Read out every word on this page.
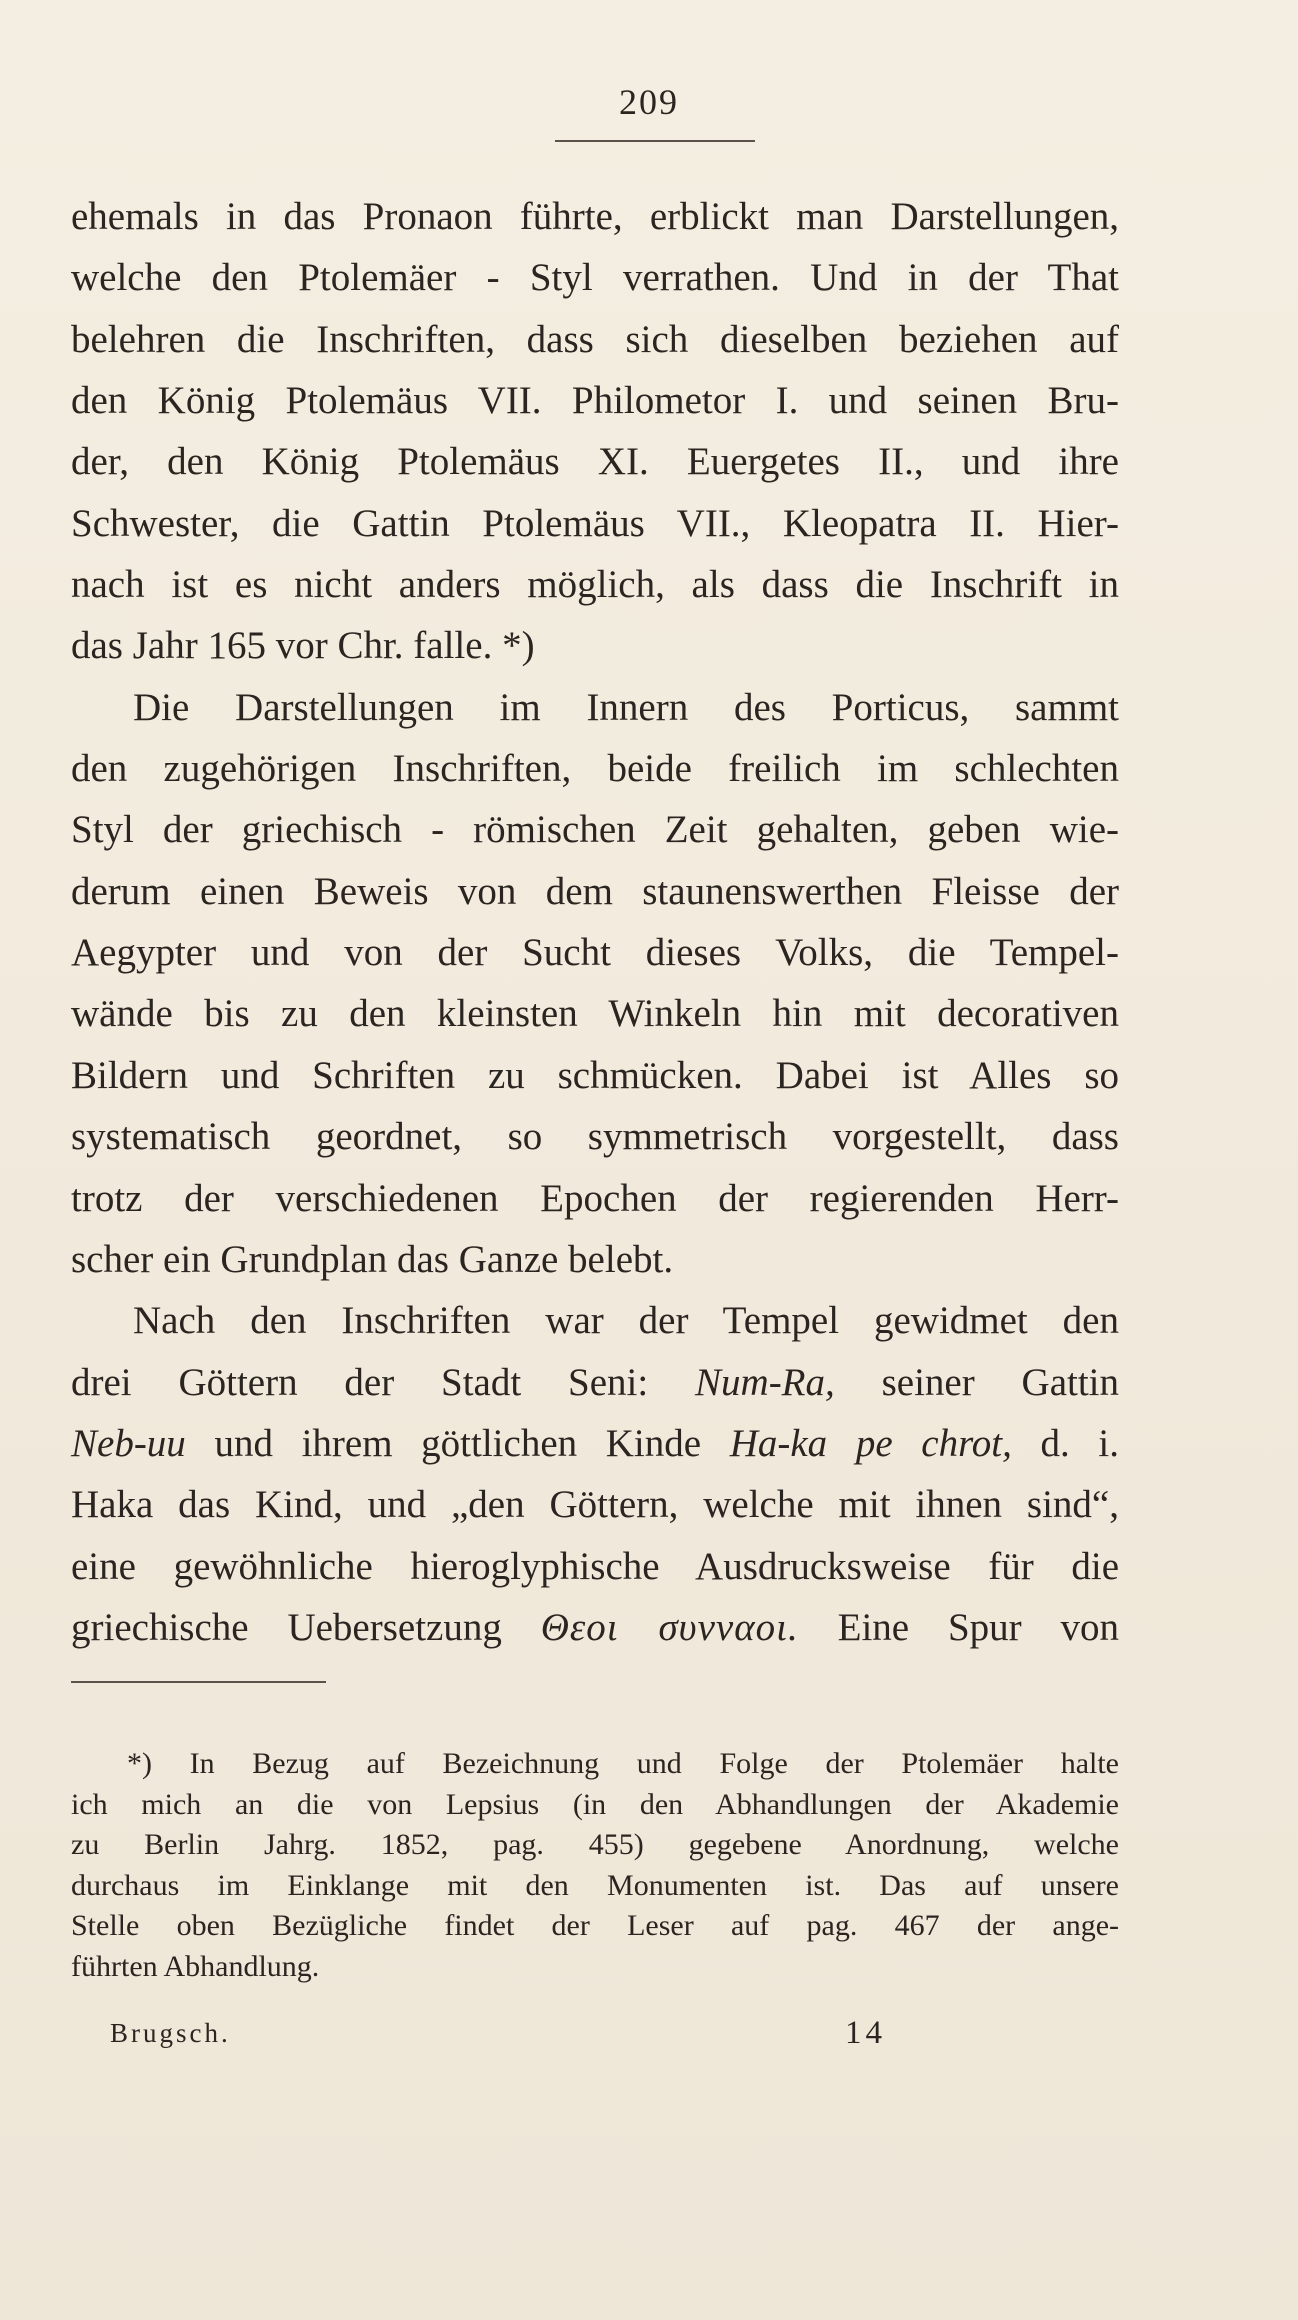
209
ehemals in das Pronaon führte, erblickt man Darstellungen,
welche den Ptolemäer - Styl verrathen. Und in der That
belehren die Inschriften, dass sich dieselben beziehen auf
den König Ptolemäus VII. Philometor I. und seinen Bru-
der, den König Ptolemäus XI. Euergetes II., und ihre
Schwester, die Gattin Ptolemäus VII., Kleopatra II. Hier-
nach ist es nicht anders möglich, als dass die Inschrift in
das Jahr 165 vor Chr. falle. *)
Die Darstellungen im Innern des Porticus, sammt
den zugehörigen Inschriften, beide freilich im schlechten
Styl der griechisch - römischen Zeit gehalten, geben wie-
derum einen Beweis von dem staunenswerthen Fleisse der
Aegypter und von der Sucht dieses Volks, die Tempel-
wände bis zu den kleinsten Winkeln hin mit decorativen
Bildern und Schriften zu schmücken. Dabei ist Alles so
systematisch geordnet, so symmetrisch vorgestellt, dass
trotz der verschiedenen Epochen der regierenden Herr-
scher ein Grundplan das Ganze belebt.
Nach den Inschriften war der Tempel gewidmet den
drei Göttern der Stadt Seni: Num-Ra, seiner Gattin
Neb-uu und ihrem göttlichen Kinde Ha-ka pe chrot, d. i.
Haka das Kind, und „den Göttern, welche mit ihnen sind“,
eine gewöhnliche hieroglyphische Ausdrucksweise für die
griechische Uebersetzung Θεοι συνναοι. Eine Spur von
*) In Bezug auf Bezeichnung und Folge der Ptolemäer halte
ich mich an die von Lepsius (in den Abhandlungen der Akademie
zu Berlin Jahrg. 1852, pag. 455) gegebene Anordnung, welche
durchaus im Einklange mit den Monumenten ist. Das auf unsere
Stelle oben Bezügliche findet der Leser auf pag. 467 der ange-
führten Abhandlung.
Brugsch.	14
